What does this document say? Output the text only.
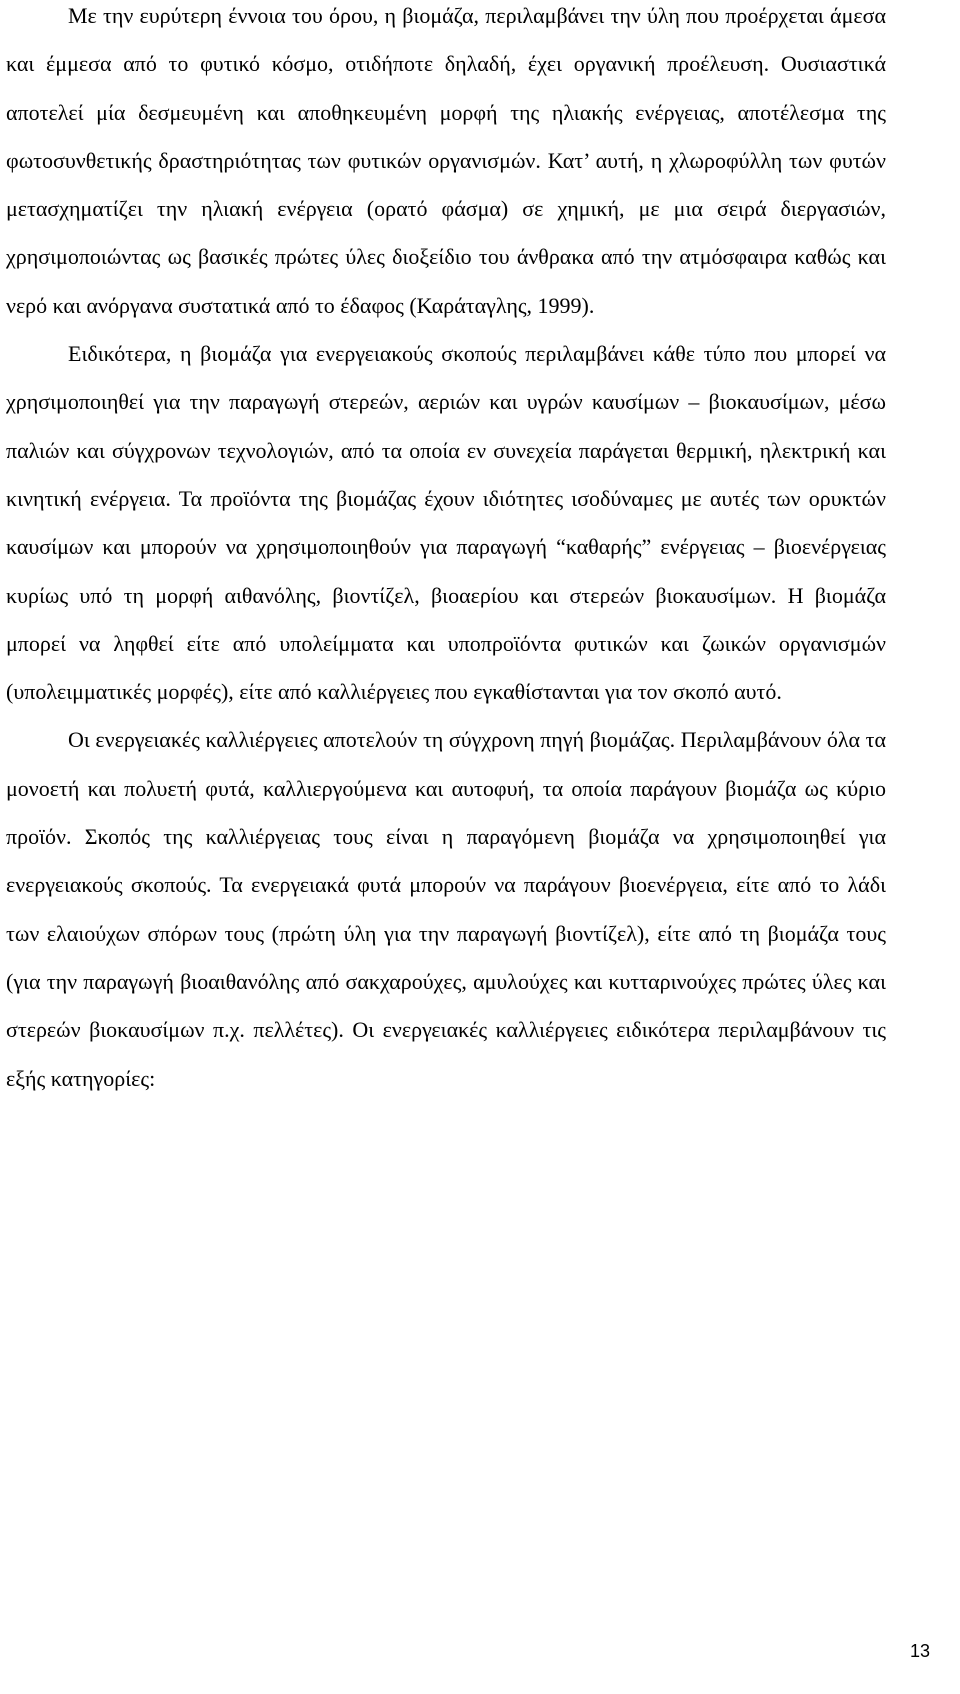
Με την ευρύτερη έννοια του όρου, η βιομάζα, περιλαμβάνει την ύλη που προέρχεται άμεσα και έμμεσα από το φυτικό κόσμο, οτιδήποτε δηλαδή, έχει οργανική προέλευση. Ουσιαστικά αποτελεί μία δεσμευμένη και αποθηκευμένη μορφή της ηλιακής ενέργειας, αποτέλεσμα της φωτοσυνθετικής δραστηριότητας των φυτικών οργανισμών. Κατ’ αυτή, η χλωροφύλλη των φυτών μετασχηματίζει την ηλιακή ενέργεια (ορατό φάσμα) σε χημική, με μια σειρά διεργασιών, χρησιμοποιώντας ως βασικές πρώτες ύλες διοξείδιο του άνθρακα από την ατμόσφαιρα καθώς και νερό και ανόργανα συστατικά από το έδαφος (Καράταγλης, 1999).

Ειδικότερα, η βιομάζα για ενεργειακούς σκοπούς περιλαμβάνει κάθε τύπο που μπορεί να χρησιμοποιηθεί για την παραγωγή στερεών, αεριών και υγρών καυσίμων – βιοκαυσίμων, μέσω παλιών και σύγχρονων τεχνολογιών, από τα οποία εν συνεχεία παράγεται θερμική, ηλεκτρική και κινητική ενέργεια. Τα προϊόντα της βιομάζας έχουν ιδιότητες ισοδύναμες με αυτές των ορυκτών καυσίμων και μπορούν να χρησιμοποιηθούν για παραγωγή “καθαρής” ενέργειας – βιοενέργειας κυρίως υπό τη μορφή αιθανόλης, βιοντίζελ, βιοαερίου και στερεών βιοκαυσίμων. Η βιομάζα μπορεί να ληφθεί είτε από υπολείμματα και υποπροϊόντα φυτικών και ζωικών οργανισμών (υπολειμματικές μορφές), είτε από καλλιέργειες που εγκαθίστανται για τον σκοπό αυτό.

Οι ενεργειακές καλλιέργειες αποτελούν τη σύγχρονη πηγή βιομάζας. Περιλαμβάνουν όλα τα μονοετή και πολυετή φυτά, καλλιεργούμενα και αυτοφυή, τα οποία παράγουν βιομάζα ως κύριο προϊόν. Σκοπός της καλλιέργειας τους είναι η παραγόμενη βιομάζα να χρησιμοποιηθεί για ενεργειακούς σκοπούς. Τα ενεργειακά φυτά μπορούν να παράγουν βιοενέργεια, είτε από το λάδι των ελαιούχων σπόρων τους (πρώτη ύλη για την παραγωγή βιοντίζελ), είτε από τη βιομάζα τους (για την παραγωγή βιοαιθανόλης από σακχαρούχες, αμυλούχες και κυτταρινούχες πρώτες ύλες και στερεών βιοκαυσίμων π.χ. πελλέτες). Οι ενεργειακές καλλιέργειες ειδικότερα περιλαμβάνουν τις εξής κατηγορίες:

13
